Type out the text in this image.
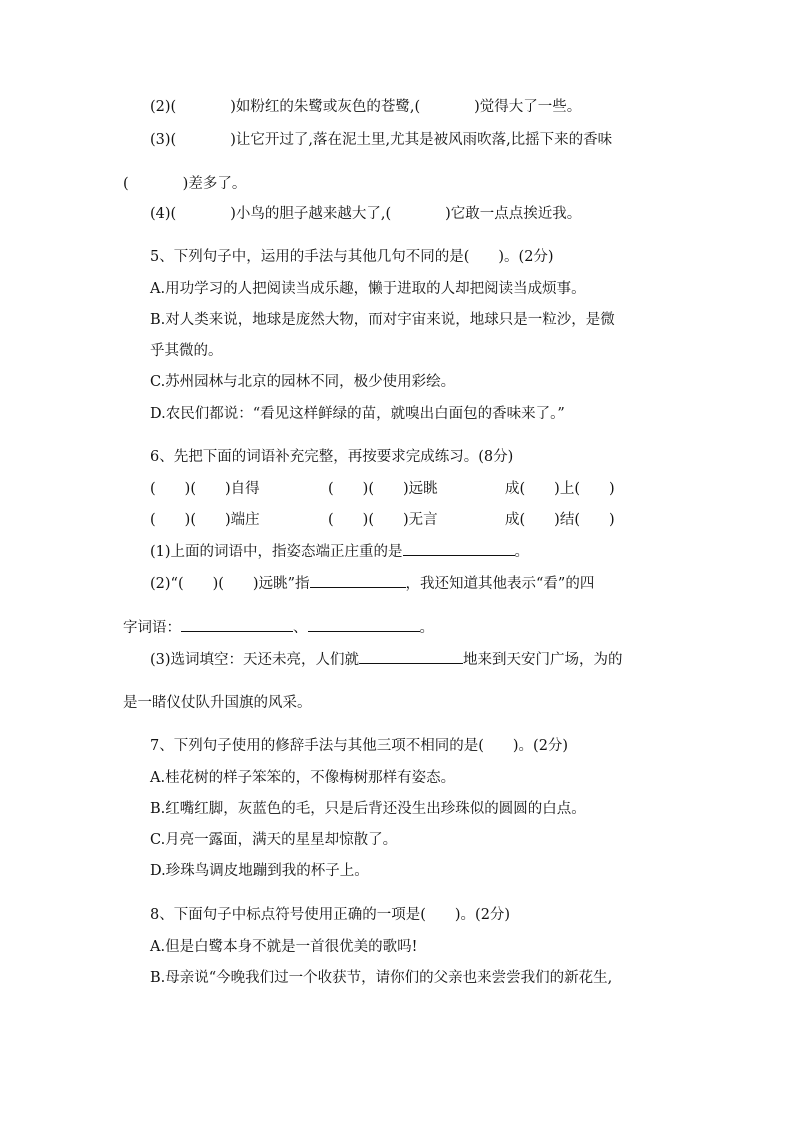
(2)(	)如粉红的朱鹭或灰色的苍鹭,(	)觉得大了一些。
(3)(	)让它开过了,落在泥土里,尤其是被风雨吹落,比摇下来的香味
(	)差多了。
(4)(	)小鸟的胆子越来越大了,(	)它敢一点点挨近我。
5、下列句子中，运用的手法与其他几句不同的是(　　)。(2分)
A.用功学习的人把阅读当成乐趣，懒于进取的人却把阅读当成烦事。
B.对人类来说，地球是庞然大物，而对宇宙来说，地球只是一粒沙，是微
乎其微的。
C.苏州园林与北京的园林不同，极少使用彩绘。
D.农民们都说：“看见这样鲜绿的苗，就嗅出白面包的香味来了。”
6、先把下面的词语补充完整，再按要求完成练习。(8分)
(　　)(　　)自得	(　　)(　　)远眺	成(　　)上(　　)
(　　)(　　)端庄	(　　)(　　)无言	成(　　)结(　　)
(1)上面的词语中，指姿态端正庄重的是	。
(2)“(　　)(　　)远眺”指	，我还知道其他表示“看”的四
字词语：	、	。
(3)选词填空：天还未亮，人们就	地来到天安门广场，为的
是一睹仪仗队升国旗的风采。
7、下列句子使用的修辞手法与其他三项不相同的是(　　)。(2分)
A.桂花树的样子笨笨的，不像梅树那样有姿态。
B.红嘴红脚，灰蓝色的毛，只是后背还没生出珍珠似的圆圆的白点。
C.月亮一露面，满天的星星却惊散了。
D.珍珠鸟调皮地蹦到我的杯子上。
8、下面句子中标点符号使用正确的一项是(　　)。(2分)
A.但是白鹭本身不就是一首很优美的歌吗!
B.母亲说“今晚我们过一个收获节，请你们的父亲也来尝尝我们的新花生,
